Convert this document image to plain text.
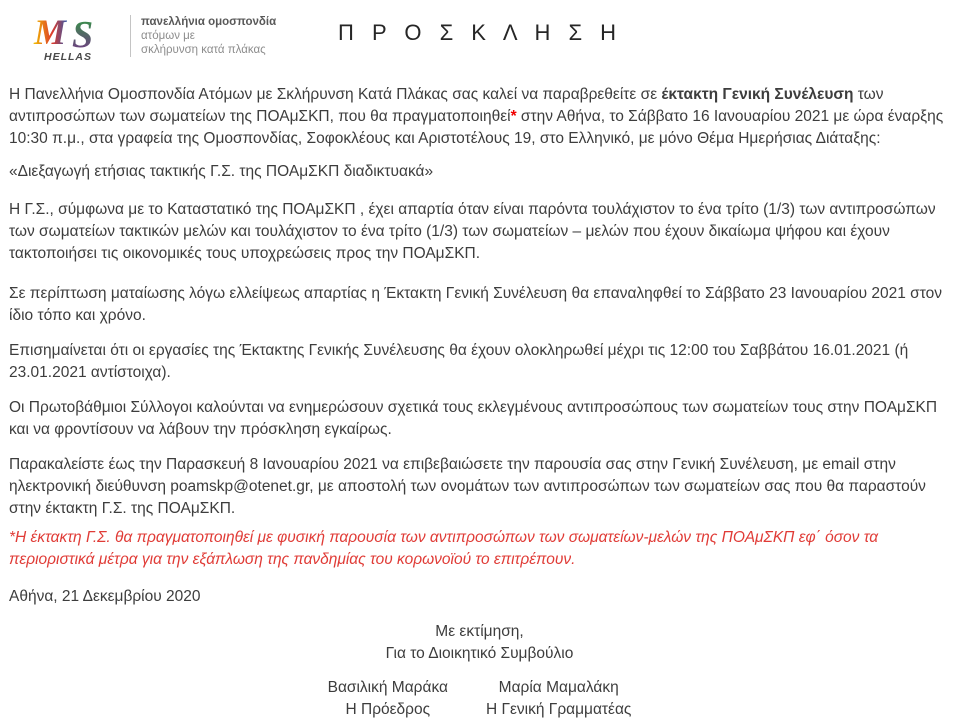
M S
HELLAS
πανελλήνια ομοσπονδία
ατόμων με
σκλήρυνση κατά πλάκας
Π Ρ Ο Σ Κ Λ Η Σ Η

Η Πανελλήνια Ομοσπονδία Ατόμων με Σκλήρυνση Κατά Πλάκας σας καλεί να παραβρεθείτε σε έκτακτη Γενική Συνέλευση των αντιπροσώπων των σωματείων της ΠΟΑμΣΚΠ, που θα πραγματοποιηθεί* στην Αθήνα, το Σάββατο 16 Ιανουαρίου 2021 με ώρα έναρξης 10:30 π.μ., στα γραφεία της Ομοσπονδίας, Σοφοκλέους και Αριστοτέλους 19, στο Ελληνικό, με μόνο Θέμα Ημερήσιας Διάταξης:

«Διεξαγωγή ετήσιας τακτικής Γ.Σ. της ΠΟΑμΣΚΠ διαδικτυακά»

Η Γ.Σ., σύμφωνα με το Καταστατικό της ΠΟΑμΣΚΠ , έχει απαρτία όταν είναι παρόντα τουλάχιστον το ένα τρίτο (1/3) των αντιπροσώπων των σωματείων τακτικών μελών και τουλάχιστον το ένα τρίτο (1/3) των σωματείων – μελών που έχουν δικαίωμα ψήφου και έχουν τακτοποιήσει τις οικονομικές τους υποχρεώσεις προς την ΠΟΑμΣΚΠ.

Σε περίπτωση ματαίωσης λόγω ελλείψεως απαρτίας η Έκτακτη Γενική Συνέλευση θα επαναληφθεί το Σάββατο 23 Ιανουαρίου 2021 στον ίδιο τόπο και χρόνο.

Επισημαίνεται ότι οι εργασίες της Έκτακτης Γενικής Συνέλευσης θα έχουν ολοκληρωθεί μέχρι τις 12:00 του Σαββάτου 16.01.2021 (ή 23.01.2021 αντίστοιχα).

Οι Πρωτοβάθμιοι Σύλλογοι καλούνται να ενημερώσουν σχετικά τους εκλεγμένους αντιπροσώπους των σωματείων τους στην ΠΟΑμΣΚΠ και να φροντίσουν να λάβουν την πρόσκληση εγκαίρως.

Παρακαλείστε έως την Παρασκευή 8 Ιανουαρίου 2021 να επιβεβαιώσετε την παρουσία σας στην Γενική Συνέλευση, με email στην ηλεκτρονική διεύθυνση poamskp@otenet.gr, με αποστολή των ονομάτων των αντιπροσώπων των σωματείων σας που θα παραστούν στην έκτακτη Γ.Σ. της ΠΟΑμΣΚΠ.

*Η έκτακτη Γ.Σ. θα πραγματοποιηθεί με φυσική παρουσία των αντιπροσώπων των σωματείων-μελών της ΠΟΑμΣΚΠ εφ΄ όσον τα περιοριστικά μέτρα για την εξάπλωση της πανδημίας του κορωνοϊού το επιτρέπουν.

Αθήνα, 21 Δεκεμβρίου 2020

Με εκτίμηση,
Για το Διοικητικό Συμβούλιο
Βασιλική Μαράκα
Η Πρόεδρος
Μαρία Μαμαλάκη
Η Γενική Γραμματέας
